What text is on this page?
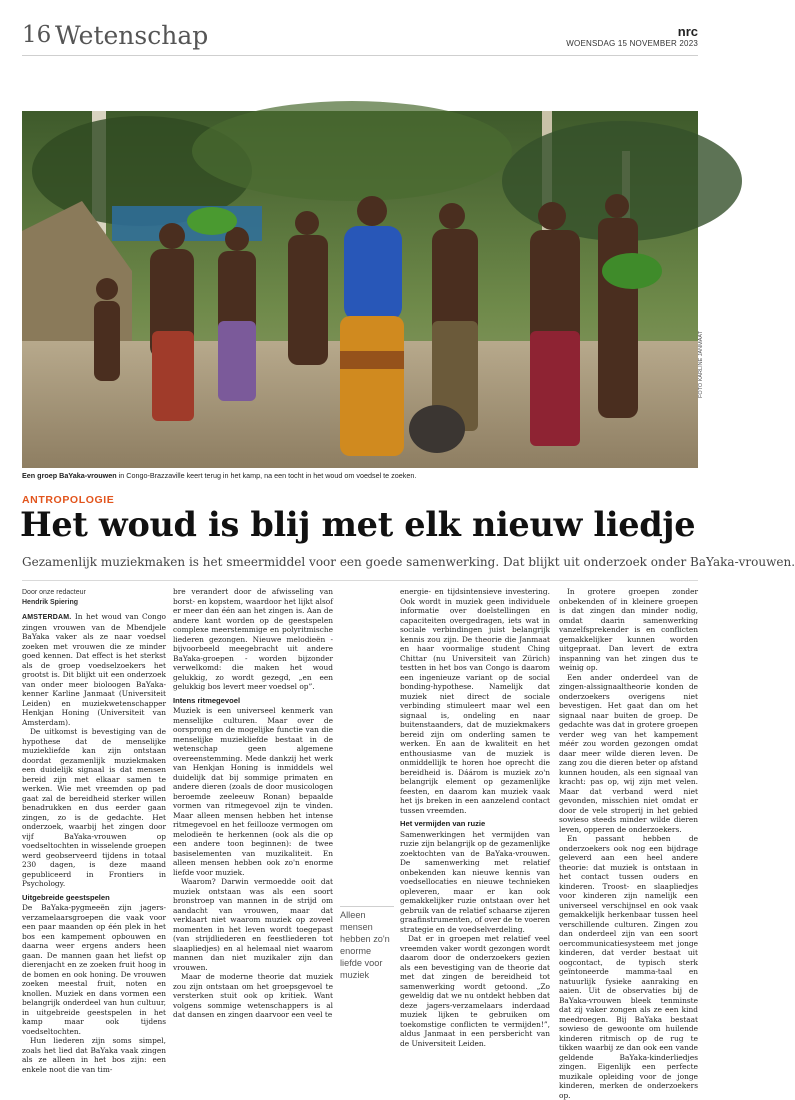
16 Wetenschap	nrc
WOENSDAG 15 NOVEMBER 2023
FOTO KARLINE JANMAAT
Een groep BaYaka-vrouwen in Congo-Brazzaville keert terug in het kamp, na een tocht in het woud om voedsel te zoeken.
ANTROPOLOGIE
Het woud is blij met elk nieuw liedje
Gezamenlijk muziekmaken is het smeermiddel voor een goede samenwerking. Dat blijkt uit onderzoek onder BaYaka-vrouwen.
Door onze redacteur
Hendrik Spiering

AMSTERDAM. In het woud van Congo zingen vrouwen van de Mbendjele BaYaka vaker als ze naar voedsel zoeken met vrouwen die ze minder goed kennen. Dat effect is het sterkst als de groep voedselzoekers het grootst is. Dit blijkt uit een onderzoek van onder meer bioloogen BaYaka-kenner Karline Janmaat (Universiteit Leiden) en muziekwetenschapper Henkjan Honing (Universiteit van Amsterdam).

De uitkomst is bevestiging van de hypothese dat de menselijke muziekliefde kan zijn ontstaan doordat gezamenlijk muziekmaken een duidelijk signaal is dat mensen bereid zijn met elkaar samen te werken. Wie met vreemden op pad gaat zal de bereidheid sterker willen benadrukken en dus eerder gaan zingen, zo is de gedachte. Het onderzoek, waarbij het zingen door vijf BaYaka-vrouwen op voedseltochten in wisselende groepen werd geobserveerd tijdens in totaal 230 dagen, is deze maand gepubliceerd in Frontiers in Psychology.

Uitgebreide geestspelen

De BaYaka-pygmeeën zijn jagers-verzamelaarsgroepen die vaak voor een paar maanden op één plek in het bos een kampement opbouwen en daarna weer ergens anders heen gaan. De mannen gaan het liefst op dierenjacht en ze zoeken fruit hoog in de bomen en ook honing. De vrouwen zoeken meestal fruit, noten en knollen. Muziek en dans vormen een belangrijk onderdeel van hun cultuur, in uitgebreide geestspelen in het kamp maar ook tijdens voedseltochten.

Hun liederen zijn soms simpel, zoals het lied dat BaYaka vaak zingen als ze alleen in het bos zijn: een enkele noot die van tim-

bre verandert door de afwisseling van borst- en kopstem, waardoor het lijkt alsof er meer dan één aan het zingen is. Aan de andere kant worden op de geestspelen complexe meerstemmige en polyritmische liederen gezongen. Nieuwe melodieën - bijvoorbeeld meegebracht uit andere BaYaka-groepen - worden bijzonder verwelkomd: die maken het woud gelukkig, zo wordt gezegd, „en een gelukkig bos levert meer voedsel op”.

Intens ritmegevoel

Muziek is een universeel kenmerk van menselijke culturen. Maar over de oorsprong en de mogelijke functie van die menselijke muziekliefde bestaat in de wetenschap geen algemene overeenstemming. Mede dankzij het werk van Henkjan Honing is inmiddels wel duidelijk dat bij sommige primaten en andere dieren (zoals de door musicologen beroemde zeeleeuw Ronan) bepaalde vormen van ritmegevoel zijn te vinden. Maar alleen mensen hebben het intense ritmegevoel en het feillooze vermogen om melodieën te herkennen (ook als die op een andere toon beginnen): de twee basiselementen van muzikaliteit. En alleen mensen hebben ook zo'n enorme liefde voor muziek.

Waarom? Darwin vermoedde ooit dat muziek ontstaan was als een soort bronstroep van mannen in de strijd om aandacht van vrouwen, maar dat verklaart niet waarom muziek op zoveel momenten in het leven wordt toegepast (van strijdliederen en feestliederen tot slaapliedjes) en al helemaal niet waarom mannen dan niet muzikaler zijn dan vrouwen.

Maar de moderne theorie dat muziek zou zijn ontstaan om het groepsgevoel te versterken stuit ook op kritiek. Want volgens sommige wetenschappers is al dat dansen en zingen daarvoor een veel te

Alleen mensen hebben zo'n enorme liefde voor muziek

energie- en tijdsintensieve investering. Ook wordt in muziek geen individuele informatie over doelstellingen en capaciteiten overgedragen, iets wat in sociale verbindingen juist belangrijk kennis zou zijn. De theorie die Janmaat en haar voormalige student Ching Chittar (nu Universiteit van Zürich) testten in het bos van Congo is daarom een ingenieuze variant op de social bonding-hypothese. Namelijk dat muziek niet direct de sociale verbinding stimuleert maar wel een signaal is, ondeling en naar buitenstaanders, dat de muziekmakers bereid zijn om onderling samen te werken. En aan de kwaliteit en het enthousiasme van de muziek is onmiddellijk te horen hoe oprecht die bereidheid is. Dáárom is muziek zo'n belangrijk element op gezamenlijke feesten, en daarom kan muziek vaak het ijs breken in een aanzelend contact tussen vreemden.

Het vermijden van ruzie

Samenwerkingen het vermijden van ruzie zijn belangrijk op de gezamenlijke zoektochten van de BaYaka-vrouwen. De samenwerking met relatief onbekenden kan nieuwe kennis van voedsellocaties en nieuwe technieken opleveren, maar er kan ook gemakkelijker ruzie ontstaan over het gebruik van de relatief schaarse zijeren graafinstrumenten, of over de te voeren strategie en de voedselverdeling.

Dat er in groepen met relatief veel vreemden vaker wordt gezongen wordt daarom door de onderzoekers gezien als een bevestiging van de theorie dat met dat zingen de bereidheid tot samenwerking wordt getoond. „Zo geweldig dat we nu ontdekt hebben dat deze jagers-verzamelaars inderdaad muziek lijken te gebruiken om toekomstige conflicten te vermijden!”, aldus Janmaat in een persbericht van de Universiteit Leiden.

In grotere groepen zonder onbekenden of in kleinere groepen is dat zingen dan minder nodig, omdat daarin samenwerking vanzelfsprekender is en conflicten gemakkelijker kunnen worden uitgepraat. Dan levert de extra inspanning van het zingen dus te weinig op.

Een ander onderdeel van de zingen-alssignaaltheorie konden de onderzoekers overigens niet bevestigen. Het gaat dan om het signaal naar buiten de groep. De gedachte was dat in grotere groepen verder weg van het kampement méér zou worden gezongen omdat daar meer wilde dieren leven. De zang zou die dieren beter op afstand kunnen houden, als een signaal van kracht: pas op, wij zijn met velen. Maar dat verband werd niet gevonden, misschien niet omdat er door de vele stroperij in het gebied sowieso steeds minder wilde dieren leven, opperen de onderzoekers.

En passant hebben de onderzoekers ook nog een bijdrage geleverd aan een heel andere theorie: dat muziek is ontstaan in het contact tussen ouders en kinderen. Troost- en slaapliedjes voor kinderen zijn namelijk een universeel verschijnsel en ook vaak gemakkelijk herkenbaar tussen heel verschillende culturen. Zingen zou dan onderdeel zijn van een soort oercommunicatiesysteem met jonge kinderen, dat verder bestaat uit oogcontact, de typisch sterk geïntoneerde mamma-taal en natuurlijk fysieke aanraking en aaien. Uit de observaties bij de BaYaka-vrouwen bleek tenminste dat zij vaker zongen als ze een kind meedroegen. Bij BaYaka bestaat sowieso de gewoonte om huilende kinderen ritmisch op de rug te tikken waarbij ze dan ook een vande geldende BaYaka-kinderliedjes zingen. Eigenlijk een perfecte muzikale opleiding voor de jonge kinderen, merken de onderzoekers op.
